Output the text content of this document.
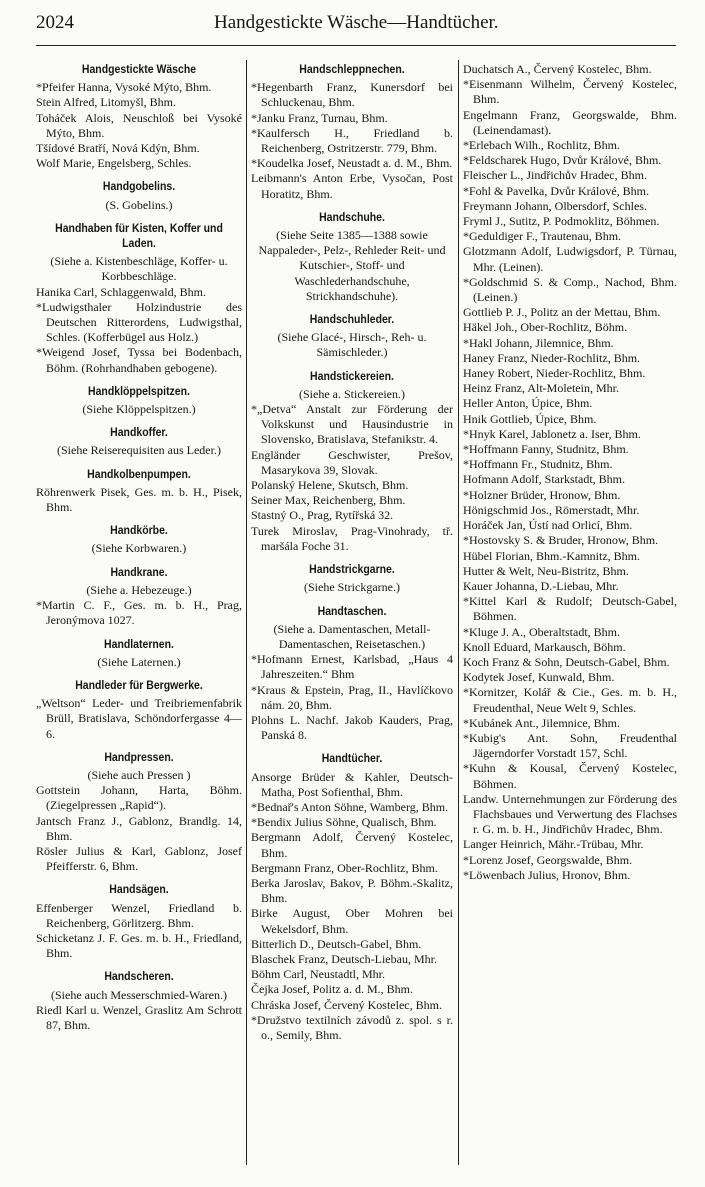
2024	Handgestickte Wäsche—Handtücher.
Handgestickte Wäsche
*Pfeifer Hanna, Vysoké Mýto, Bhm.
Stein Alfred, Litomyšl, Bhm.
Toháček Alois, Neuschloß bei Vysoké Mýto, Bhm.
Tšídové Bratří, Nová Kdýn, Bhm.
Wolf Marie, Engelsberg, Schles.
Handgobelins.
(S. Gobelins.)
Handhaben für Kisten, Koffer und Laden.
(Siehe a. Kistenbeschläge, Koffer- u. Korbbeschläge.
Hanika Carl, Schlaggenwald, Bhm.
*Ludwigsthaler Holzindustrie des Deutschen Ritterordens, Ludwigsthal, Schles. (Kofferbügel aus Holz.)
*Weigend Josef, Tyssa bei Bodenbach, Böhm. (Rohrhandhaben gebogene).
Handklöppelspitzen.
(Siehe Klöppelspitzen.)
Handkoffer.
(Siehe Reiserequisiten aus Leder.)
Handkolbenpumpen.
Röhrenwerk Pisek, Ges. m. b. H., Pisek, Bhm.
Handkörbe.
(Siehe Korbwaren.)
Handkrane.
(Siehe a. Hebezeuge.)
*Martin C. F., Ges. m. b. H., Prag, Jeronýmova 1027.
Handlaternen.
(Siehe Laternen.)
Handleder für Bergwerke.
„Weltson“ Leder- und Treibriemenfabrik Brüll, Bratislava, Schöndorfergasse 4—6.
Handpressen.
(Siehe auch Pressen )
Gottstein Johann, Harta, Böhm. (Ziegelpressen „Rapid“).
Jantsch Franz J., Gablonz, Brandlg. 14, Bhm.
Rösler Julius & Karl, Gablonz, Josef Pfeifferstr. 6, Bhm.
Handsägen.
Effenberger Wenzel, Friedland b. Reichenberg, Görlitzerg. Bhm.
Schicketanz J. F. Ges. m. b. H., Friedland, Bhm.
Handscheren.
(Siehe auch Messerschmied-Waren.)
Riedl Karl u. Wenzel, Graslitz Am Schrott 87, Bhm.
Handschleppnechen.
*Hegenbarth Franz, Kunersdorf bei Schluckenau, Bhm.
*Janku Franz, Turnau, Bhm.
*Kaulfersch H., Friedland b. Reichenberg, Ostritzerstr. 779, Bhm.
*Koudelka Josef, Neustadt a. d. M., Bhm.
Leibmann's Anton Erbe, Vysočan, Post Horatitz, Bhm.
Handschuhe.
(Siehe Seite 1385—1388 sowie Nappaleder-, Pelz-, Rehleder Reit- und Kutschier-, Stoff- und Waschlederhandschuhe, Strickhandschuhe).
Handschuhleder.
(Siehe Glacé-, Hirsch-, Reh- u. Sämischleder.)
Handstickereien.
(Siehe a. Stickereien.)
*„Detva“ Anstalt zur Förderung der Volkskunst und Hausindustrie in Slovensko, Bratislava, Stefanikstr. 4.
Engländer Geschwister, Prešov, Masarykova 39, Slovak.
Polanský Helene, Skutsch, Bhm.
Seiner Max, Reichenberg, Bhm.
Stastný O., Prag, Rytířská 32.
Turek Miroslav, Prag-Vinohrady, tř. maršála Foche 31.
Handstrickgarne.
(Siehe Strickgarne.)
Handtaschen.
(Siehe a. Damentaschen, Metall-Damentaschen, Reisetaschen.)
*Hofmann Ernest, Karlsbad, „Haus 4 Jahreszeiten.“ Bhm
*Kraus & Epstein, Prag, II., Havlíčkovo nám. 20, Bhm.
Plohns L. Nachf. Jakob Kauders, Prag, Panská 8.
Handtücher.
Ansorge Brüder & Kahler, Deutsch-Matha, Post Sofienthal, Bhm.
*Bednař's Anton Söhne, Wamberg, Bhm.
*Bendix Julius Söhne, Qualisch, Bhm.
Bergmann Adolf, Červený Kostelec, Bhm.
Bergmann Franz, Ober-Rochlitz, Bhm.
Berka Jaroslav, Bakov, P. Böhm.-Skalitz, Bhm.
Birke August, Ober Mohren bei Wekelsdorf, Bhm.
Bitterlich D., Deutsch-Gabel, Bhm.
Blaschek Franz, Deutsch-Liebau, Mhr.
Böhm Carl, Neustadtl, Mhr.
Čejka Josef, Politz a. d. M., Bhm.
Chráska Josef, Červený Kostelec, Bhm.
*Družstvo textilních závodů z. spol. s r. o., Semily, Bhm.
Duchatsch A., Červený Kostelec, Bhm.
*Eisenmann Wilhelm, Červený Kostelec, Bhm.
Engelmann Franz, Georgswalde, Bhm. (Leinendamast).
*Erlebach Wilh., Rochlitz, Bhm.
*Feldscharek Hugo, Dvůr Králové, Bhm.
Fleischer L., Jindřichův Hradec, Bhm.
*Fohl & Pavelka, Dvůr Králové, Bhm.
Freymann Johann, Olbersdorf, Schles.
Fryml J., Sutitz, P. Podmoklitz, Böhmen.
*Geduldiger F., Trautenau, Bhm.
Glotzmann Adolf, Ludwigsdorf, P. Türnau, Mhr. (Leinen).
*Goldschmid S. & Comp., Nachod, Bhm. (Leinen.)
Gottlieb P. J., Politz an der Mettau, Bhm.
Häkel Joh., Ober-Rochlitz, Böhm.
*Hakl Johann, Jilemnice, Bhm.
Haney Franz, Nieder-Rochlitz, Bhm.
Haney Robert, Nieder-Rochlitz, Bhm.
Heinz Franz, Alt-Moletein, Mhr.
Heller Anton, Úpice, Bhm.
Hnik Gottlieb, Úpice, Bhm.
*Hnyk Karel, Jablonetz a. Iser, Bhm.
*Hoffmann Fanny, Studnitz, Bhm.
*Hoffmann Fr., Studnitz, Bhm.
Hofmann Adolf, Starkstadt, Bhm.
*Holzner Brüder, Hronow, Bhm.
Hönigschmid Jos., Römerstadt, Mhr.
Horáček Jan, Ústí nad Orlicí, Bhm.
*Hostovsky S. & Bruder, Hronow, Bhm.
Hübel Florian, Bhm.-Kamnitz, Bhm.
Hutter & Welt, Neu-Bistritz, Bhm.
Kauer Johanna, D.-Liebau, Mhr.
*Kittel Karl & Rudolf; Deutsch-Gabel, Böhmen.
*Kluge J. A., Oberaltstadt, Bhm.
Knoll Eduard, Markausch, Böhm.
Koch Franz & Sohn, Deutsch-Gabel, Bhm.
Kodytek Josef, Kunwald, Bhm.
*Kornitzer, Kolář & Cie., Ges. m. b. H., Freudenthal, Neue Welt 9, Schles.
*Kubánek Ant., Jilemnice, Bhm.
*Kubig's Ant. Sohn, Freudenthal Jägerndorfer Vorstadt 157, Schl.
*Kuhn & Kousal, Červený Kostelec, Böhmen.
Landw. Unternehmungen zur Förderung des Flachsbaues und Verwertung des Flachses r. G. m. b. H., Jindřichův Hradec, Bhm.
Langer Heinrich, Mähr.-Trübau, Mhr.
*Lorenz Josef, Georgswalde, Bhm.
*Löwenbach Julius, Hronov, Bhm.
